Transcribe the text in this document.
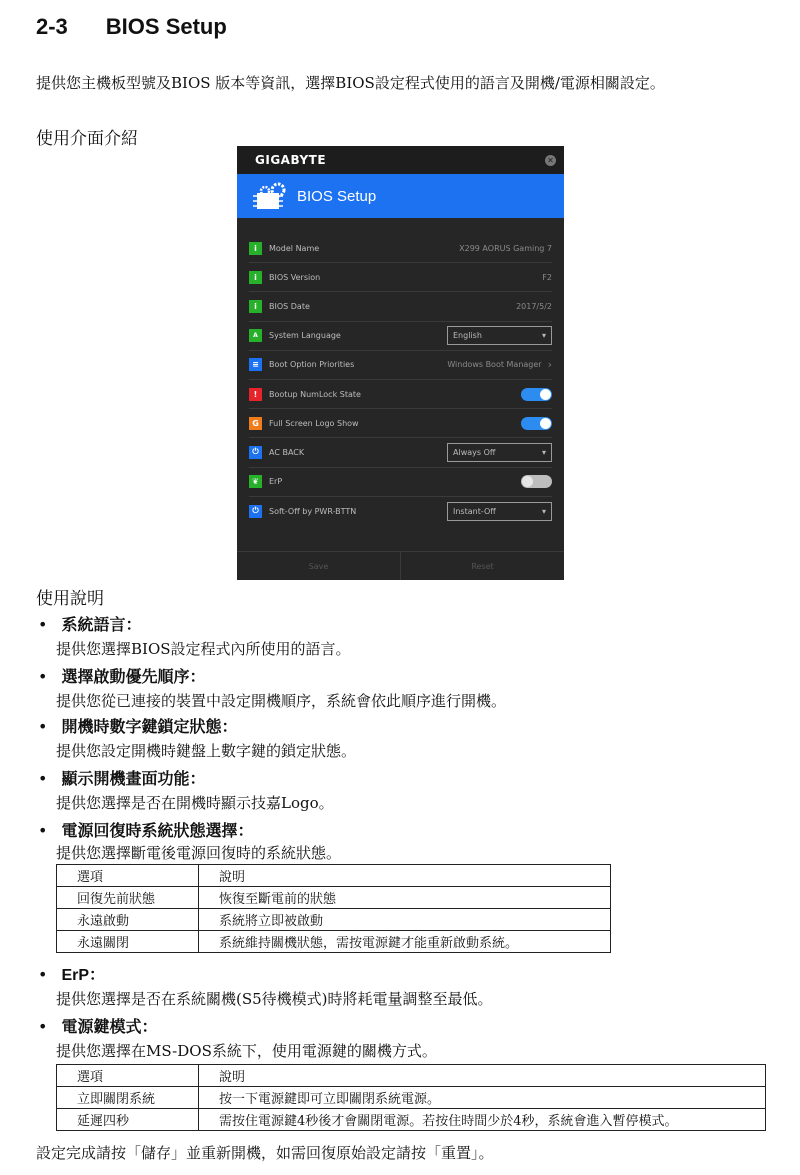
2-3 BIOS Setup
提供您主機板型號及BIOS 版本等資訊，選擇BIOS設定程式使用的語言及開機/電源相關設定。
使用介面介紹
GIGABYTE	✕
BIOS Setup
i	Model Name	X299 AORUS Gaming 7
i	BIOS Version	F2
i	BIOS Date	2017/5/2
A	System Language	English	▾
≡	Boot Option Priorities	Windows Boot Manager ›
!	Bootup NumLock State
G	Full Screen Logo Show
⏻	AC BACK	Always Off	▾
❦	ErP
⏻	Soft-Off by PWR-BTTN	Instant-Off	▾
Save	Reset
使用說明
• 系統語言：
提供您選擇BIOS設定程式內所使用的語言。
• 選擇啟動優先順序：
提供您從已連接的裝置中設定開機順序，系統會依此順序進行開機。
• 開機時數字鍵鎖定狀態：
提供您設定開機時鍵盤上數字鍵的鎖定狀態。
• 顯示開機畫面功能：
提供您選擇是否在開機時顯示技嘉Logo。
• 電源回復時系統狀態選擇：
提供您選擇斷電後電源回復時的系統狀態。
選項	說明
回復先前狀態	恢復至斷電前的狀態
永遠啟動	系統將立即被啟動
永遠關閉	系統維持關機狀態，需按電源鍵才能重新啟動系統。
• ErP：
提供您選擇是否在系統關機(S5待機模式)時將耗電量調整至最低。
• 電源鍵模式：
提供您選擇在MS-DOS系統下，使用電源鍵的關機方式。
選項	說明
立即關閉系統	按一下電源鍵即可立即關閉系統電源。
延遲四秒	需按住電源鍵4秒後才會關閉電源。若按住時間少於4秒，系統會進入暫停模式。
設定完成請按「儲存」並重新開機，如需回復原始設定請按「重置」。
